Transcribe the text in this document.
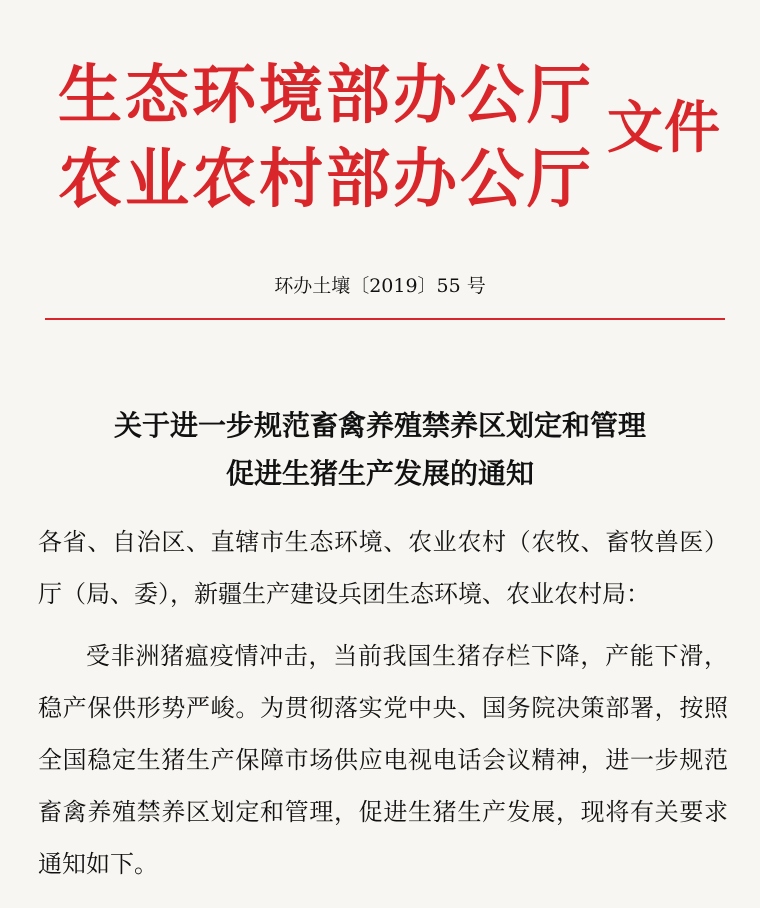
生态环境部办公厅
农业农村部办公厅
文件
环办土壤〔2019〕55 号
关于进一步规范畜禽养殖禁养区划定和管理
促进生猪生产发展的通知
各省、自治区、直辖市生态环境、农业农村（农牧、畜牧兽医）
厅（局、委），新疆生产建设兵团生态环境、农业农村局：
受非洲猪瘟疫情冲击，当前我国生猪存栏下降，产能下滑，
稳产保供形势严峻。为贯彻落实党中央、国务院决策部署，按照
全国稳定生猪生产保障市场供应电视电话会议精神，进一步规范
畜禽养殖禁养区划定和管理，促进生猪生产发展，现将有关要求
通知如下。
